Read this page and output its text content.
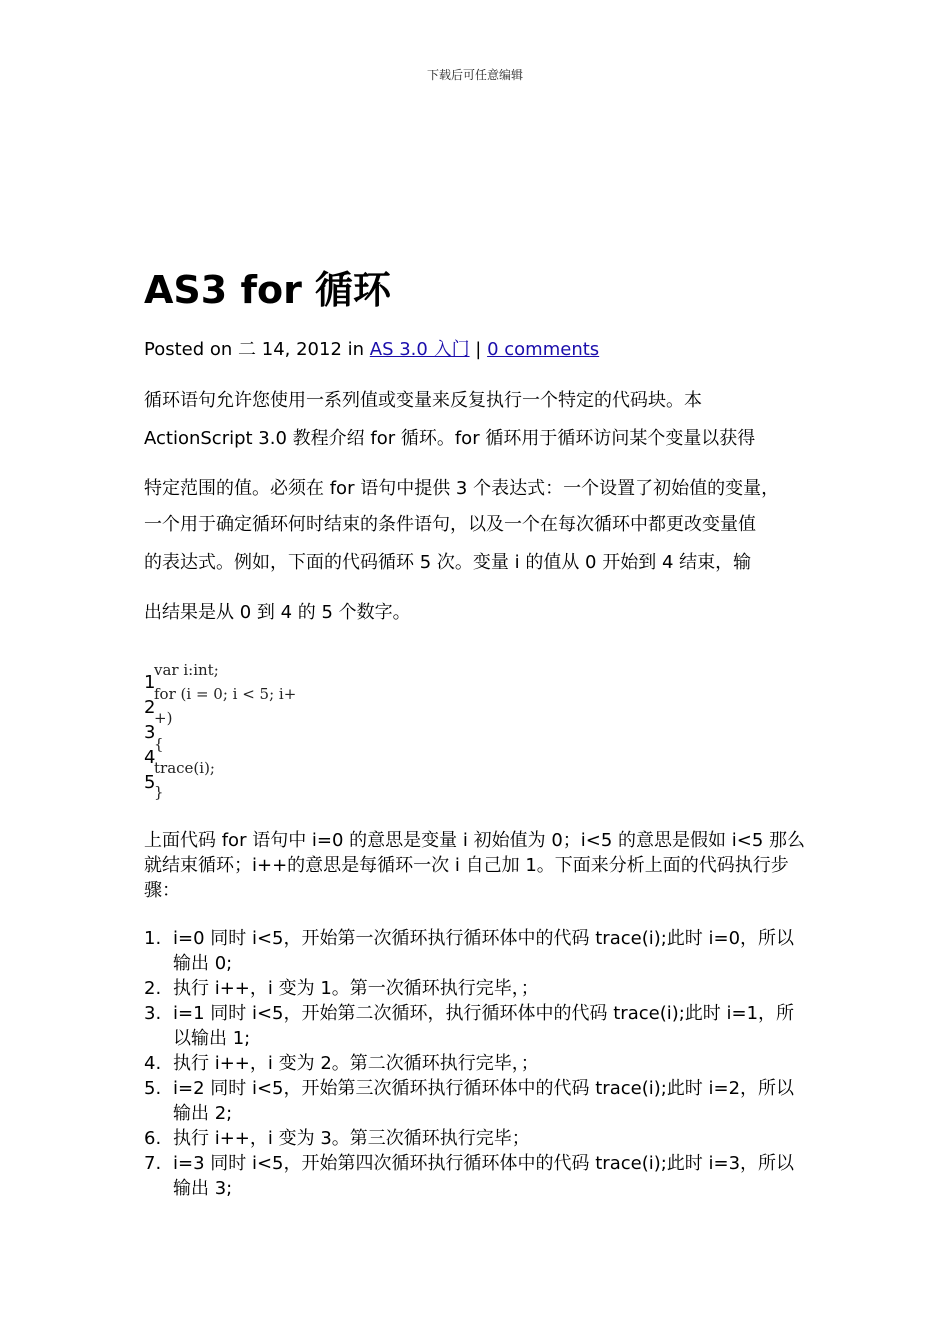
下载后可任意编辑
AS3 for 循环
Posted on 二 14, 2012 in AS 3.0 入门 | 0 comments
循环语句允许您使用一系列值或变量来反复执行一个特定的代码块。本
ActionScript 3.0 教程介绍 for 循环。for 循环用于循环访问某个变量以获得
特定范围的值。必须在 for 语句中提供 3 个表达式：一个设置了初始值的变量，
一个用于确定循环何时结束的条件语句，以及一个在每次循环中都更改变量值
的表达式。例如，下面的代码循环 5 次。变量 i 的值从 0 开始到 4 结束，输
出结果是从 0 到 4 的 5 个数字。
1
2
3
4
5
var i:int;
for (i = 0; i < 5; i+
+)
{
trace(i);
}
上面代码 for 语句中 i=0 的意思是变量 i 初始值为 0；i<5 的意思是假如 i<5 那么就结束循环；i++的意思是每循环一次 i 自己加 1。下面来分析上面的代码执行步骤：
1. i=0 同时 i<5，开始第一次循环执行循环体中的代码 trace(i);此时 i=0，所以输出 0;
2. 执行 i++，i 变为 1。第一次循环执行完毕，；
3. i=1 同时 i<5，开始第二次循环，执行循环体中的代码 trace(i);此时 i=1，所以输出 1;
4. 执行 i++，i 变为 2。第二次循环执行完毕，；
5. i=2 同时 i<5，开始第三次循环执行循环体中的代码 trace(i);此时 i=2，所以输出 2;
6. 执行 i++，i 变为 3。第三次循环执行完毕；
7. i=3 同时 i<5，开始第四次循环执行循环体中的代码 trace(i);此时 i=3，所以输出 3;
